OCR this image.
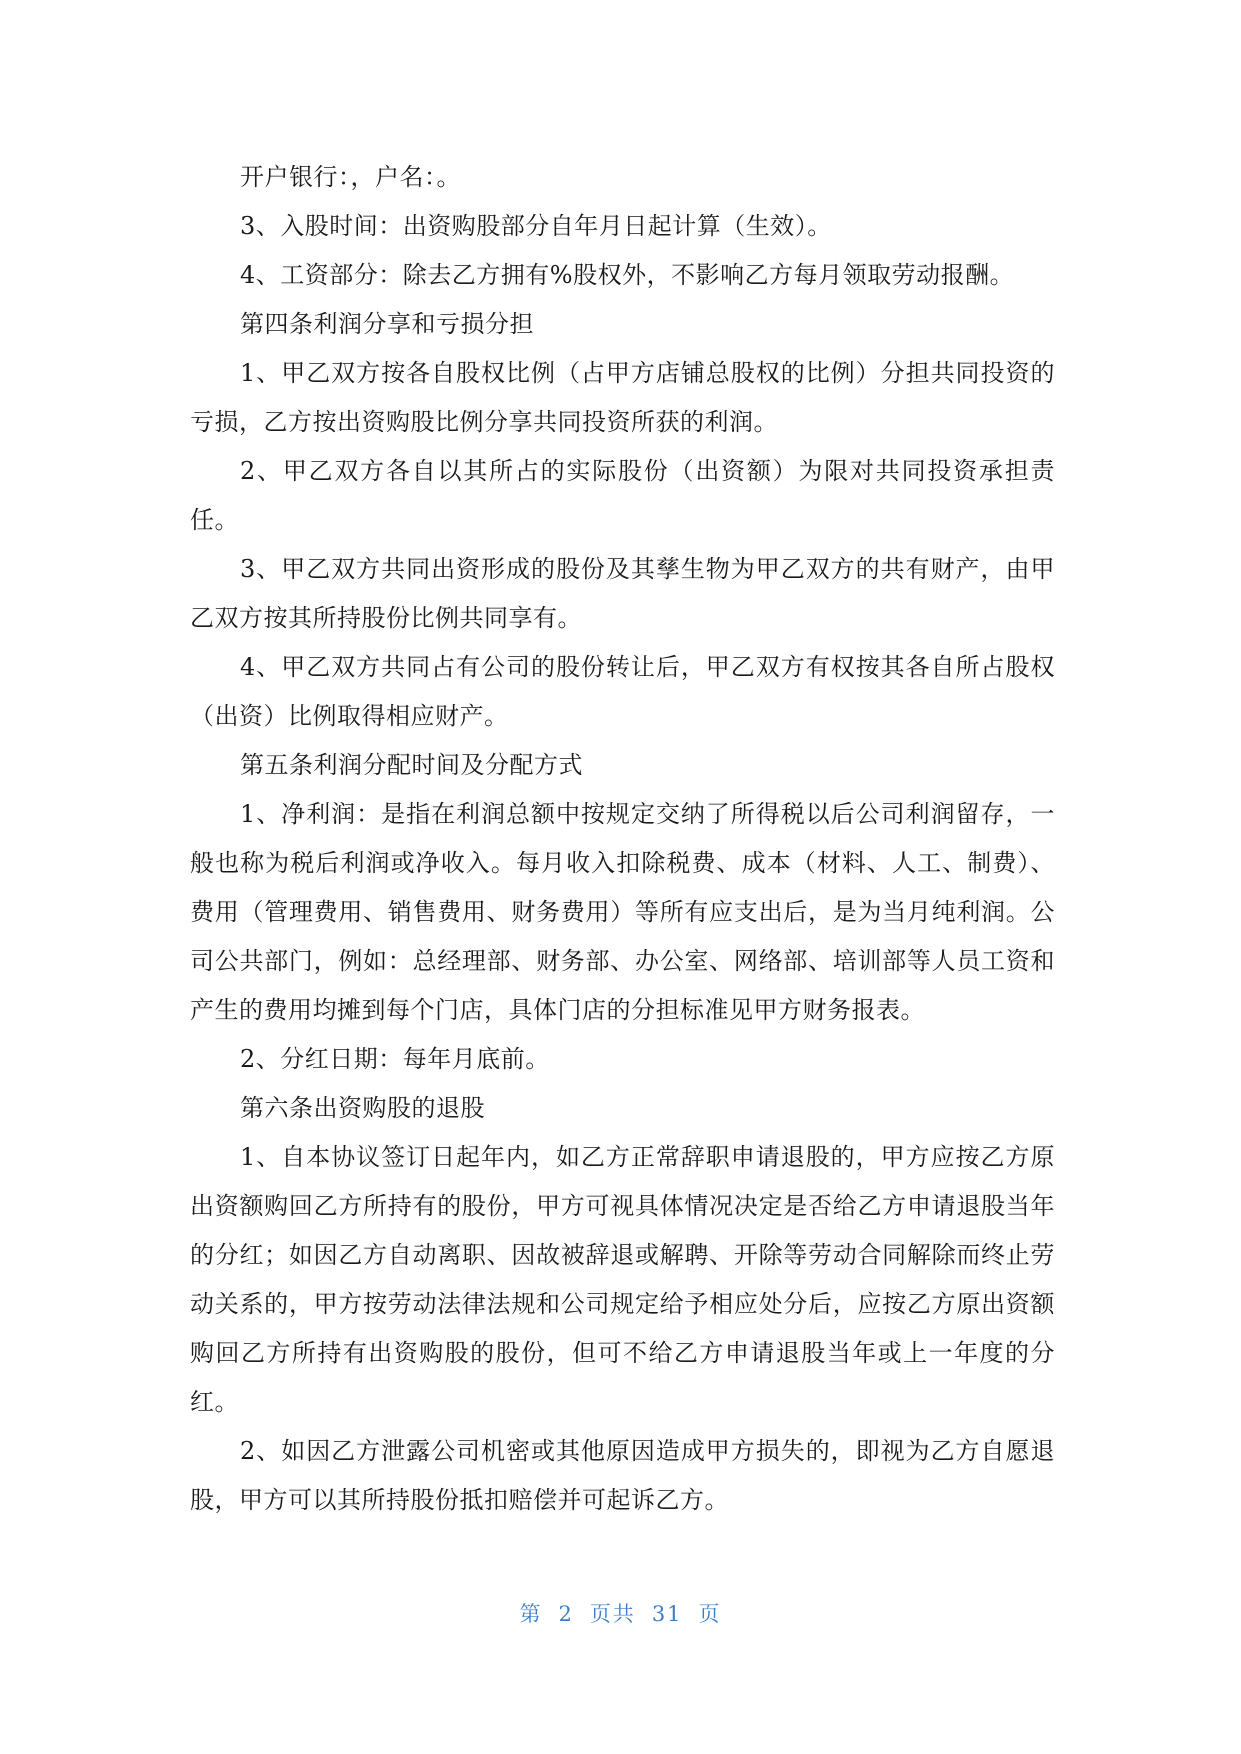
开户银行：，户名：。

3、入股时间：出资购股部分自年月日起计算（生效）。

4、工资部分：除去乙方拥有%股权外，不影响乙方每月领取劳动报酬。

第四条利润分享和亏损分担

1、甲乙双方按各自股权比例（占甲方店铺总股权的比例）分担共同投资的亏损，乙方按出资购股比例分享共同投资所获的利润。

2、甲乙双方各自以其所占的实际股份（出资额）为限对共同投资承担责任。

3、甲乙双方共同出资形成的股份及其孳生物为甲乙双方的共有财产，由甲乙双方按其所持股份比例共同享有。

4、甲乙双方共同占有公司的股份转让后，甲乙双方有权按其各自所占股权（出资）比例取得相应财产。

第五条利润分配时间及分配方式

1、净利润：是指在利润总额中按规定交纳了所得税以后公司利润留存，一般也称为税后利润或净收入。每月收入扣除税费、成本（材料、人工、制费）、费用（管理费用、销售费用、财务费用）等所有应支出后，是为当月纯利润。公司公共部门，例如：总经理部、财务部、办公室、网络部、培训部等人员工资和产生的费用均摊到每个门店，具体门店的分担标准见甲方财务报表。

2、分红日期：每年月底前。

第六条出资购股的退股

1、自本协议签订日起年内，如乙方正常辞职申请退股的，甲方应按乙方原出资额购回乙方所持有的股份，甲方可视具体情况决定是否给乙方申请退股当年的分红；如因乙方自动离职、因故被辞退或解聘、开除等劳动合同解除而终止劳动关系的，甲方按劳动法律法规和公司规定给予相应处分后，应按乙方原出资额购回乙方所持有出资购股的股份，但可不给乙方申请退股当年或上一年度的分红。

2、如因乙方泄露公司机密或其他原因造成甲方损失的，即视为乙方自愿退股，甲方可以其所持股份抵扣赔偿并可起诉乙方。

第 2 页共 31 页
